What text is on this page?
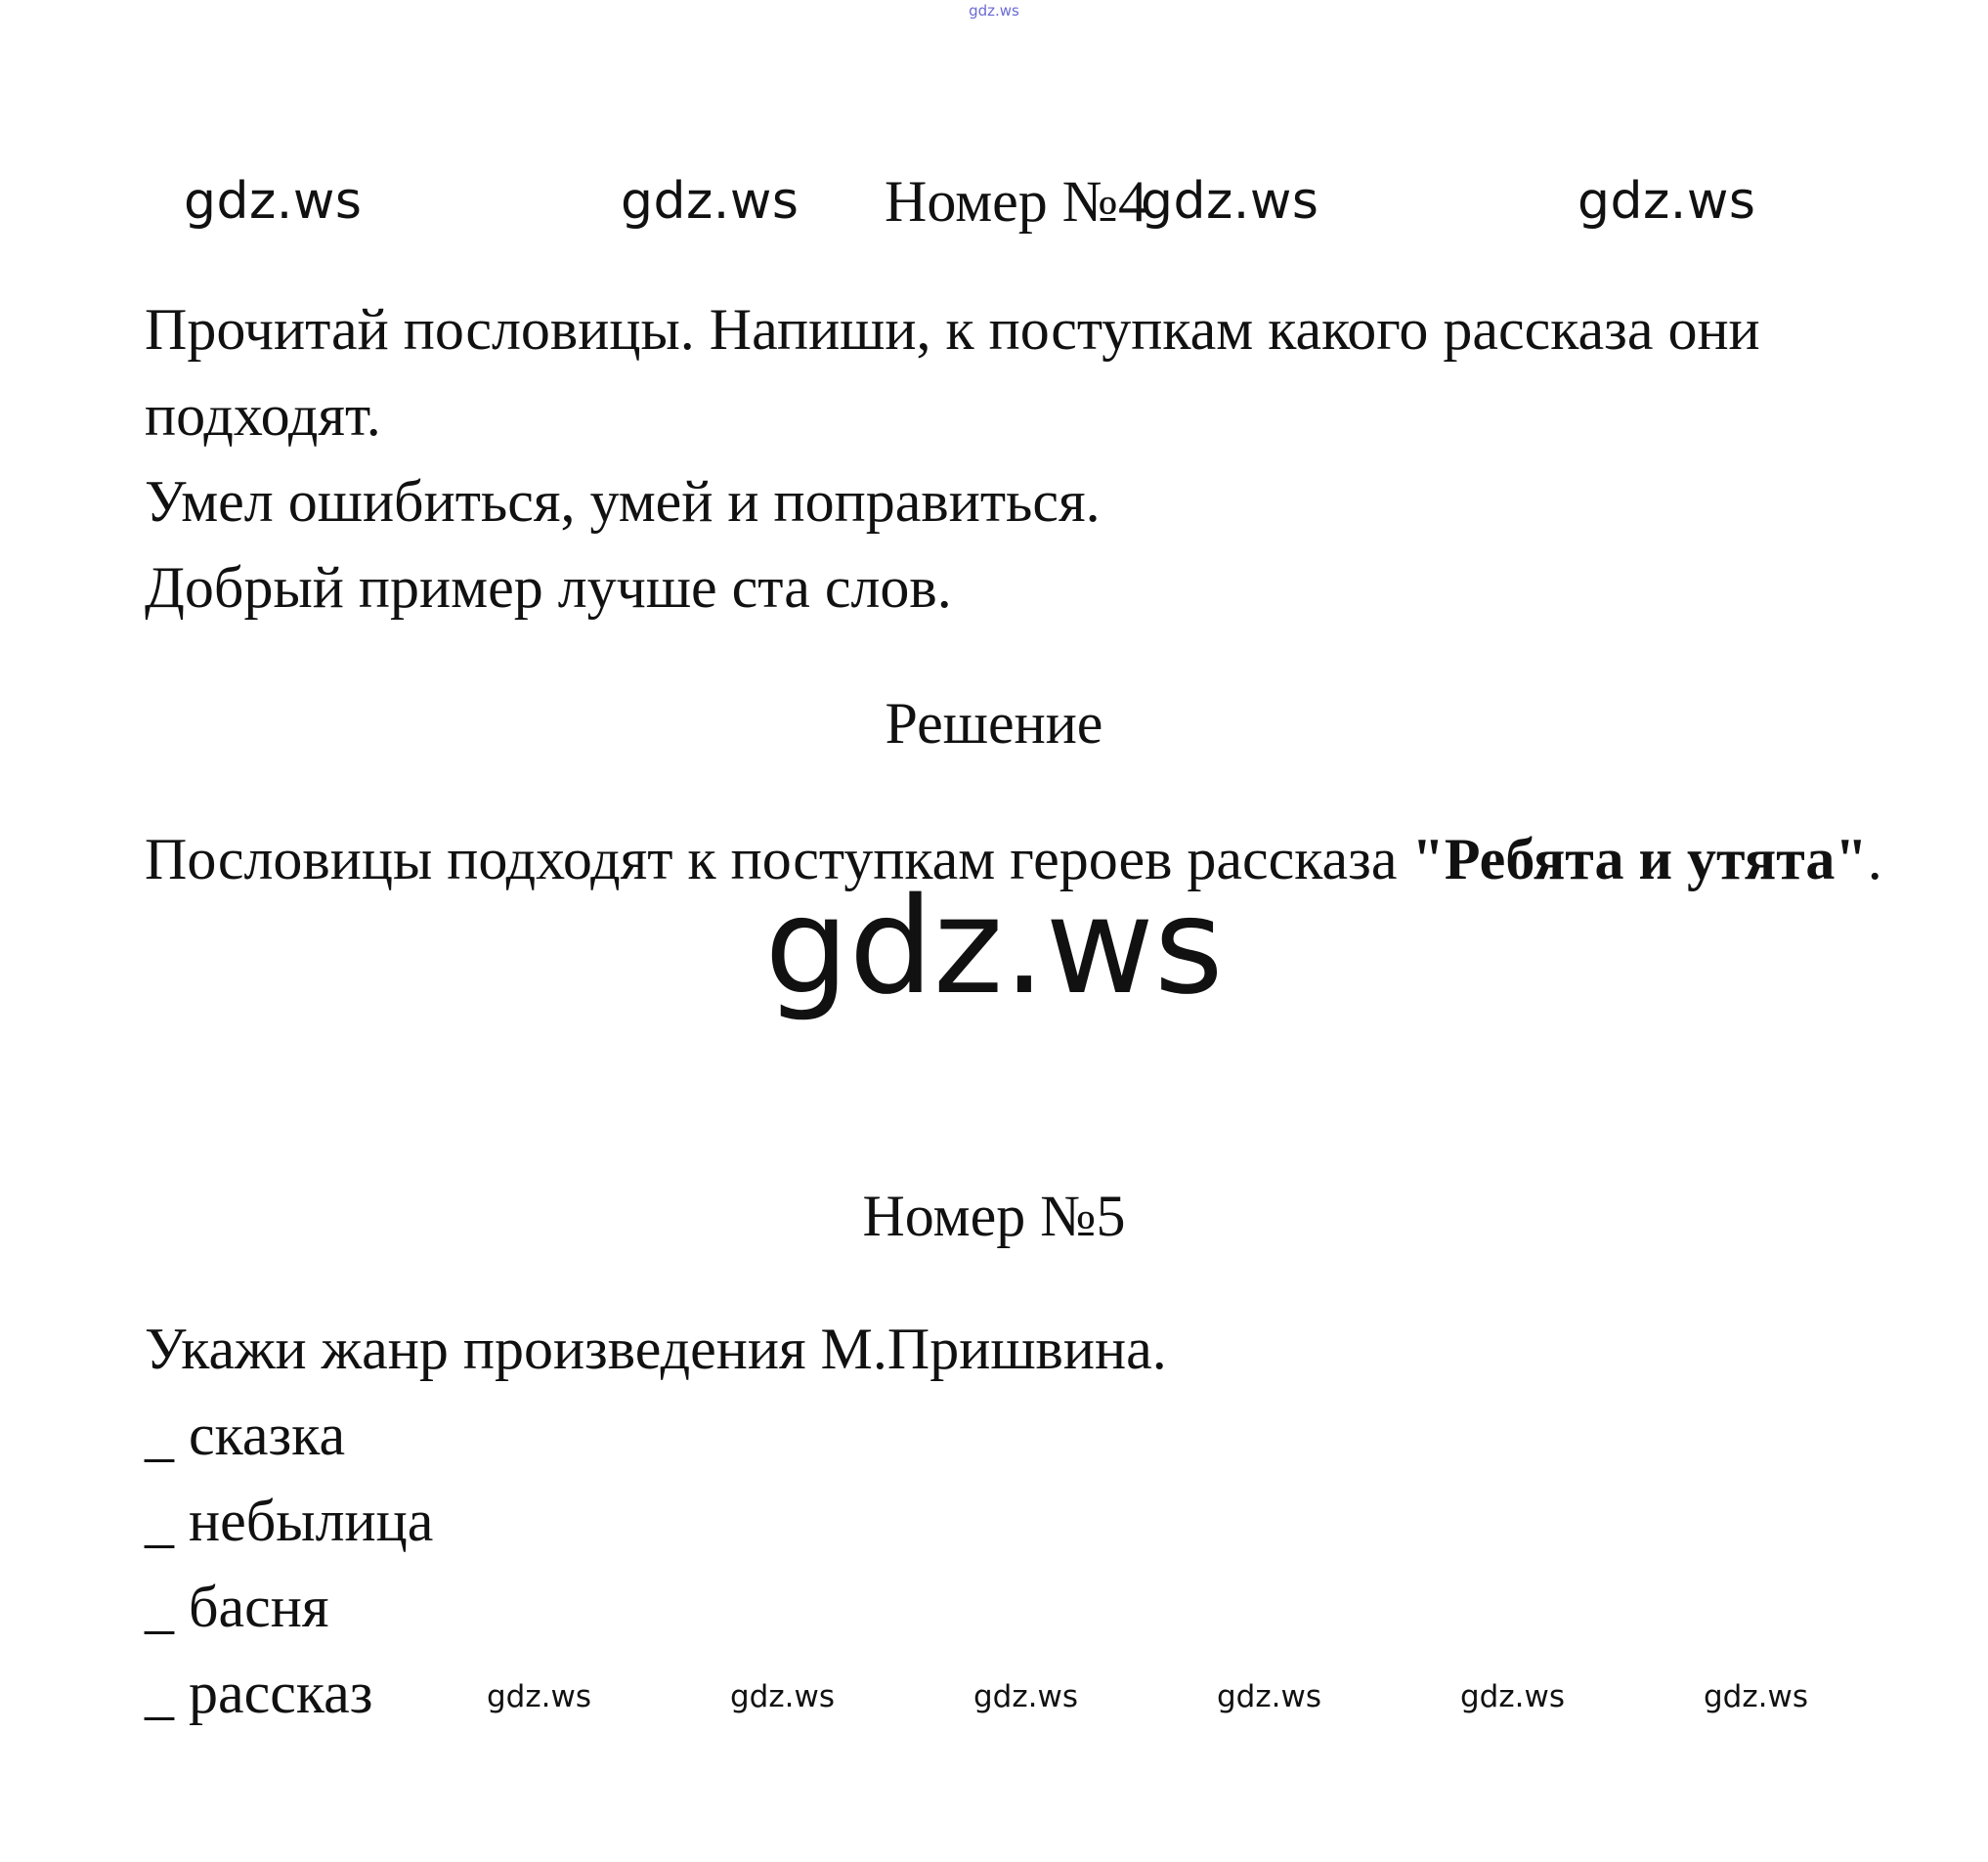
gdz.ws
gdz.ws	gdz.ws Номер №4
gdz.ws	gdz.ws
Прочитай пословицы. Напиши, к поступкам какого рассказа они
подходят.
Умел ошибиться, умей и поправиться.
Добрый пример лучше ста слов.
Решение
Пословицы подходят к поступкам героев рассказа "Ребята и утята".
gdz.ws
Номер №5
Укажи жанр произведения М.Пришвина.
_ сказка
_ небылица
_ басня
_ рассказ	gdz.ws	gdz.ws	gdz.ws	gdz.ws	gdz.ws	gdz.ws
